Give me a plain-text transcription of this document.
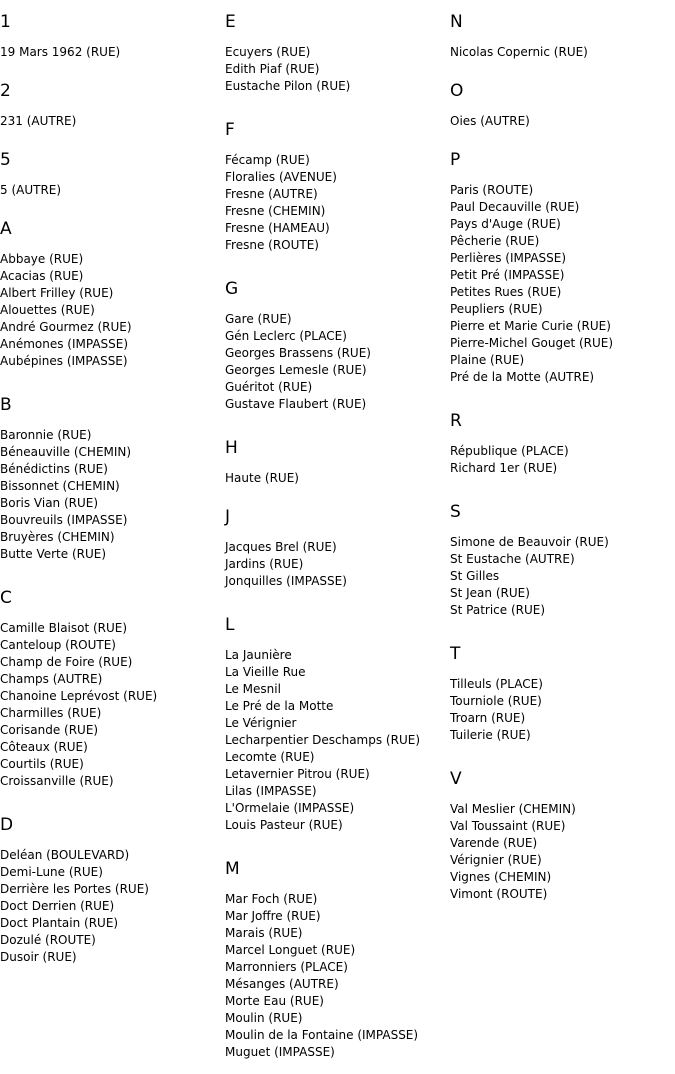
1
19 Mars 1962 (RUE)
2
231 (AUTRE)
5
5 (AUTRE)
A
Abbaye (RUE)
Acacias (RUE)
Albert Frilley (RUE)
Alouettes (RUE)
André Gourmez (RUE)
Anémones (IMPASSE)
Aubépines (IMPASSE)
B
Baronnie (RUE)
Béneauville (CHEMIN)
Bénédictins (RUE)
Bissonnet (CHEMIN)
Boris Vian (RUE)
Bouvreuils (IMPASSE)
Bruyères (CHEMIN)
Butte Verte (RUE)
C
Camille Blaisot (RUE)
Canteloup (ROUTE)
Champ de Foire (RUE)
Champs (AUTRE)
Chanoine Leprévost (RUE)
Charmilles (RUE)
Corisande (RUE)
Côteaux (RUE)
Courtils (RUE)
Croissanville (RUE)
D
Deléan (BOULEVARD)
Demi-Lune (RUE)
Derrière les Portes (RUE)
Doct Derrien (RUE)
Doct Plantain (RUE)
Dozulé (ROUTE)
Dusoir (RUE)
E
Ecuyers (RUE)
Edith Piaf (RUE)
Eustache Pilon (RUE)
F
Fécamp (RUE)
Floralies (AVENUE)
Fresne (AUTRE)
Fresne (CHEMIN)
Fresne (HAMEAU)
Fresne (ROUTE)
G
Gare (RUE)
Gén Leclerc (PLACE)
Georges Brassens (RUE)
Georges Lemesle (RUE)
Guéritot (RUE)
Gustave Flaubert (RUE)
H
Haute (RUE)
J
Jacques Brel (RUE)
Jardins (RUE)
Jonquilles (IMPASSE)
L
La Jaunière
La Vieille Rue
Le Mesnil
Le Pré de la Motte
Le Vérignier
Lecharpentier Deschamps (RUE)
Lecomte (RUE)
Letavernier Pitrou (RUE)
Lilas (IMPASSE)
L'Ormelaie (IMPASSE)
Louis Pasteur (RUE)
M
Mar Foch (RUE)
Mar Joffre (RUE)
Marais (RUE)
Marcel Longuet (RUE)
Marronniers (PLACE)
Mésanges (AUTRE)
Morte Eau (RUE)
Moulin (RUE)
Moulin de la Fontaine (IMPASSE)
Muguet (IMPASSE)
N
Nicolas Copernic (RUE)
O
Oies (AUTRE)
P
Paris (ROUTE)
Paul Decauville (RUE)
Pays d'Auge (RUE)
Pêcherie (RUE)
Perlières (IMPASSE)
Petit Pré (IMPASSE)
Petites Rues (RUE)
Peupliers (RUE)
Pierre et Marie Curie (RUE)
Pierre-Michel Gouget (RUE)
Plaine (RUE)
Pré de la Motte (AUTRE)
R
République (PLACE)
Richard 1er (RUE)
S
Simone de Beauvoir (RUE)
St Eustache (AUTRE)
St Gilles
St Jean (RUE)
St Patrice (RUE)
T
Tilleuls (PLACE)
Tourniole (RUE)
Troarn (RUE)
Tuilerie (RUE)
V
Val Meslier (CHEMIN)
Val Toussaint (RUE)
Varende (RUE)
Vérignier (RUE)
Vignes (CHEMIN)
Vimont (ROUTE)
